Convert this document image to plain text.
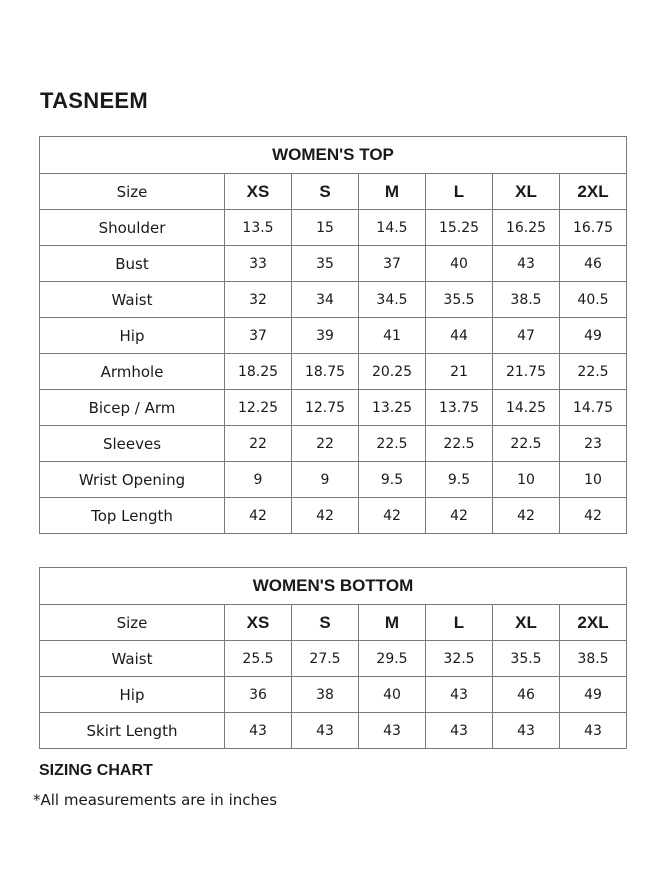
TASNEEM
WOMEN'S TOP						
Size	XS	S	M	L	XL	2XL
Shoulder	13.5	15	14.5	15.25	16.25	16.75
Bust	33	35	37	40	43	46
Waist	32	34	34.5	35.5	38.5	40.5
Hip	37	39	41	44	47	49
Armhole	18.25	18.75	20.25	21	21.75	22.5
Bicep / Arm	12.25	12.75	13.25	13.75	14.25	14.75
Sleeves	22	22	22.5	22.5	22.5	23
Wrist Opening	9	9	9.5	9.5	10	10
Top Length	42	42	42	42	42	42
WOMEN'S BOTTOM						
Size	XS	S	M	L	XL	2XL
Waist	25.5	27.5	29.5	32.5	35.5	38.5
Hip	36	38	40	43	46	49
Skirt Length	43	43	43	43	43	43
SIZING CHART
*All measurements are in inches
